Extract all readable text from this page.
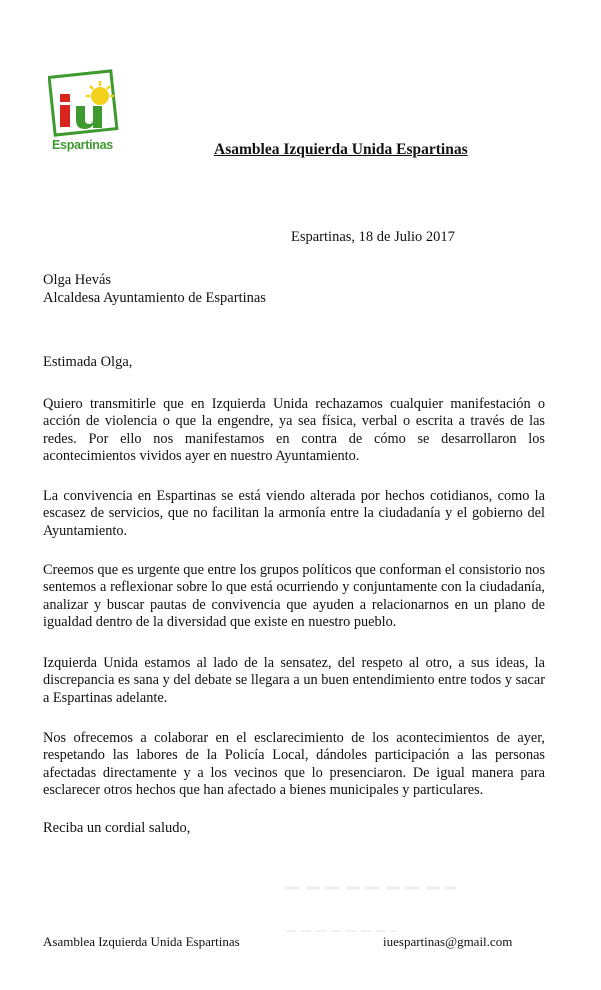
Espartinas	Asamblea Izquierda Unida Espartinas
Espartinas, 18 de Julio 2017
Olga Hevás
Alcaldesa Ayuntamiento de Espartinas
Estimada Olga,

Quiero transmitirle que en Izquierda Unida rechazamos cualquier manifestación o acción de violencia o que la engendre, ya sea física, verbal o escrita a través de las redes. Por ello nos manifestamos en contra de cómo se desarrollaron los acontecimientos vividos ayer en nuestro Ayuntamiento.

La convivencia en Espartinas se está viendo alterada por hechos cotidianos, como la escasez de servicios, que no facilitan la armonía entre la ciudadanía y el gobierno del Ayuntamiento.

Creemos que es urgente que entre los grupos políticos que conforman el consistorio nos sentemos a reflexionar sobre lo que está ocurriendo y conjuntamente con la ciudadanía, analizar y buscar pautas de convivencia que ayuden a relacionarnos en un plano de igualdad dentro de la diversidad que existe en nuestro pueblo.

Izquierda Unida estamos al lado de la sensatez, del respeto al otro, a sus ideas, la discrepancia es sana y del debate se llegara a un buen entendimiento entre todos y sacar a Espartinas adelante.

Nos ofrecemos a colaborar en el esclarecimiento de los acontecimientos de ayer, respetando las labores de la Policía Local, dándoles participación a las personas afectadas directamente y a los vecinos que lo presenciaron. De igual manera para esclarecer otros hechos que han afectado a bienes municipales y particulares.

Reciba un cordial saludo,
Asamblea Izquierda Unida Espartinas	iuespartinas@gmail.com
